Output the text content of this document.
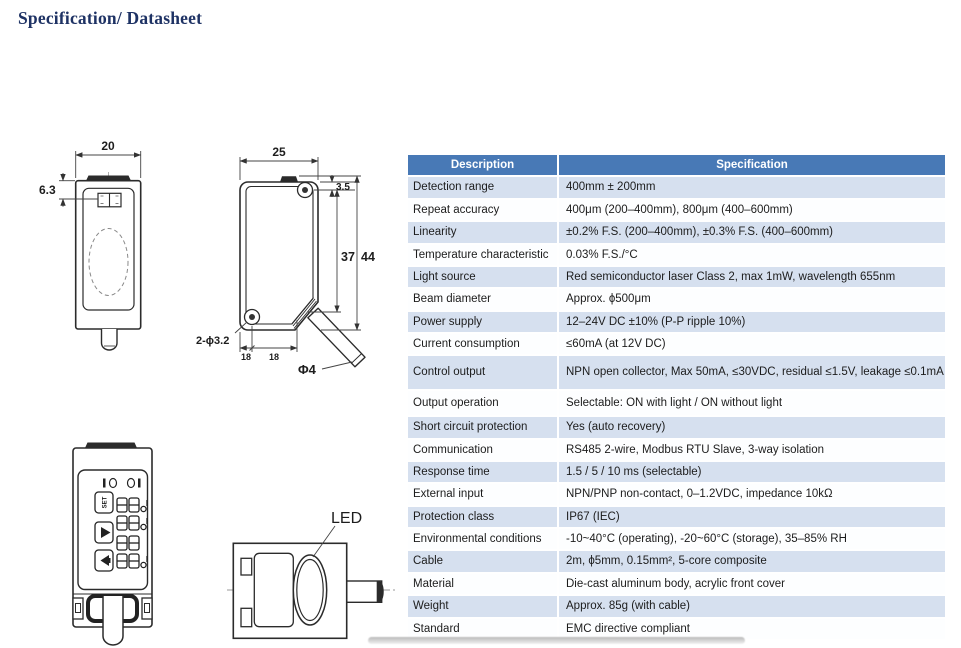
Specification/ Datasheet
20
6.3
25
3.5
37 44
2-ϕ3.2
18 18
Φ4
SET
LED
Description	Specification
Detection range	400mm ± 200mm
Repeat accuracy	400μm (200–400mm), 800μm (400–600mm)
Linearity	±0.2% F.S. (200–400mm), ±0.3% F.S. (400–600mm)
Temperature characteristic	0.03% F.S./°C
Light source	Red semiconductor laser Class 2, max 1mW, wavelength 655nm
Beam diameter	Approx. ϕ500μm
Power supply	12–24V DC ±10% (P-P ripple 10%)
Current consumption	≤60mA (at 12V DC)
Control output	NPN open collector, Max 50mA, ≤30VDC, residual ≤1.5V, leakage ≤0.1mA
Output operation	Selectable: ON with light / ON without light
Short circuit protection	Yes (auto recovery)
Communication	RS485 2-wire, Modbus RTU Slave, 3-way isolation
Response time	1.5 / 5 / 10 ms (selectable)
External input	NPN/PNP non-contact, 0–1.2VDC, impedance 10kΩ
Protection class	IP67 (IEC)
Environmental conditions	-10~40°C (operating), -20~60°C (storage), 35–85% RH
Cable	2m, ϕ5mm, 0.15mm², 5-core composite
Material	Die-cast aluminum body, acrylic front cover
Weight	Approx. 85g (with cable)
Standard	EMC directive compliant
